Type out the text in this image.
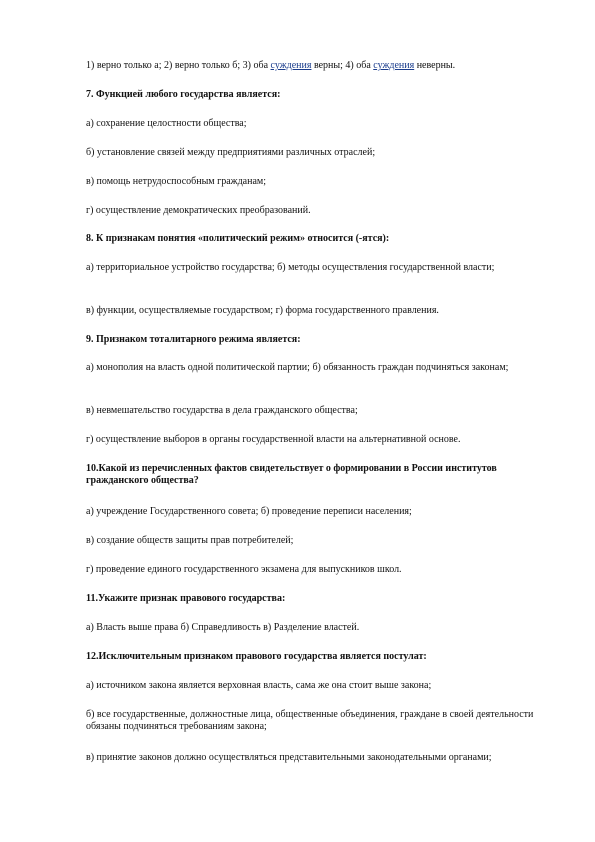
1) верно только а; 2) верно только б; 3) оба суждения верны; 4) оба суждения неверны.
7. Функцией любого государства является:
а) сохранение целостности общества;
б) установление связей между предприятиями различных отраслей;
в) помощь нетрудоспособным гражданам;
г) осуществление демократических преобразований.
8. К признакам понятия «политический режим» относится (-ятся):
а) территориальное устройство государства; б) методы осуществления государственной власти;
в) функции, осуществляемые государством; г) форма государственного правления.
9. Признаком тоталитарного режима является:
а) монополия на власть одной политической партии; б) обязанность граждан подчиняться законам;
в) невмешательство государства в дела гражданского общества;
г) осуществление выборов в органы государственной власти на альтернативной основе.
10.Какой из перечисленных фактов свидетельствует о формировании в России институтов гражданского общества?
а) учреждение Государственного совета; б) проведение переписи населения;
в) создание обществ защиты прав потребителей;
г) проведение единого государственного экзамена для выпускников школ.
11.Укажите признак правового государства:
а) Власть выше права б) Справедливость в) Разделение властей.
12.Исключительным признаком правового государства является постулат:
а) источником закона является верховная власть, сама же она стоит выше закона;
б) все государственные, должностные лица, общественные объединения, граждане в своей деятельности обязаны подчиняться требованиям закона;
в) принятие законов должно осуществляться представительными законодательными органами;
